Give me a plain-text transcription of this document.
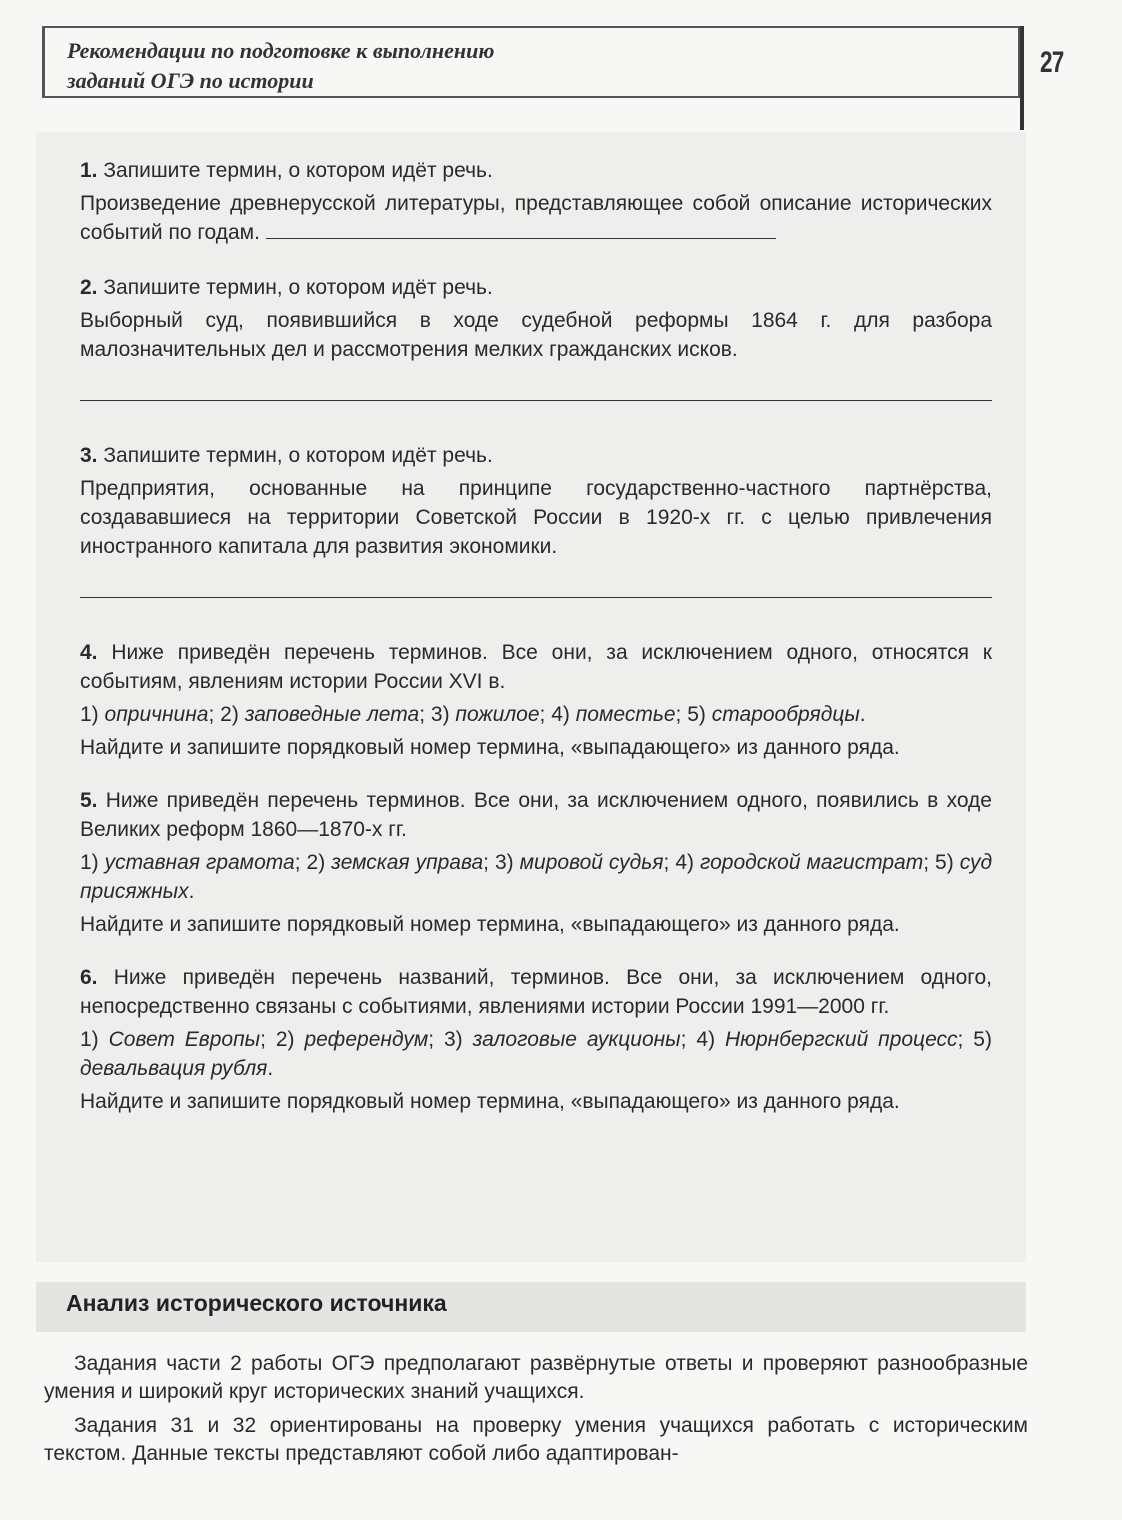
Рекомендации по подготовке к выполнению
заданий ОГЭ по истории
27

1. Запишите термин, о котором идёт речь.

Произведение древнерусской литературы, представляющее собой описание исторических событий по годам.

2. Запишите термин, о котором идёт речь.

Выборный суд, появившийся в ходе судебной реформы 1864 г. для разбора малозначительных дел и рассмотрения мелких гражданских исков.

3. Запишите термин, о котором идёт речь.

Предприятия, основанные на принципе государственно-частного партнёрства, создававшиеся на территории Советской России в 1920-х гг. с целью привлечения иностранного капитала для развития экономики.

4. Ниже приведён перечень терминов. Все они, за исключением одного, относятся к событиям, явлениям истории России XVI в.

1) опричнина; 2) заповедные лета; 3) пожилое; 4) поместье; 5) старообрядцы.

Найдите и запишите порядковый номер термина, «выпадающего» из данного ряда.

5. Ниже приведён перечень терминов. Все они, за исключением одного, появились в ходе Великих реформ 1860—1870-х гг.

1) уставная грамота; 2) земская управа; 3) мировой судья; 4) городской магистрат; 5) суд присяжных.

Найдите и запишите порядковый номер термина, «выпадающего» из данного ряда.

6. Ниже приведён перечень названий, терминов. Все они, за исключением одного, непосредственно связаны с событиями, явлениями истории России 1991—2000 гг.

1) Совет Европы; 2) референдум; 3) залоговые аукционы; 4) Нюрнбергский процесс; 5) девальвация рубля.

Найдите и запишите порядковый номер термина, «выпадающего» из данного ряда.

Анализ исторического источника

Задания части 2 работы ОГЭ предполагают развёрнутые ответы и проверяют разнообразные умения и широкий круг исторических знаний учащихся.

Задания 31 и 32 ориентированы на проверку умения учащихся работать с историческим текстом. Данные тексты представляют собой либо адаптирован-
